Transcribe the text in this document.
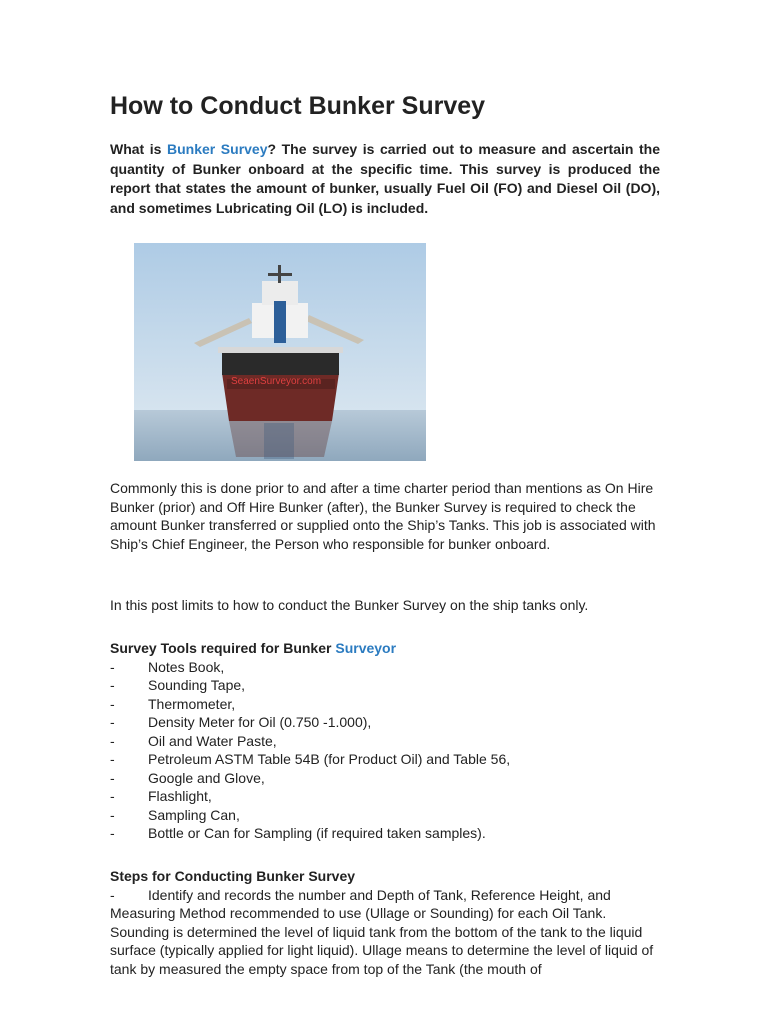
How to Conduct Bunker Survey

What is Bunker Survey? The survey is carried out to measure and ascertain the quantity of Bunker onboard at the specific time. This survey is produced the report that states the amount of bunker, usually Fuel Oil (FO) and Diesel Oil (DO), and sometimes Lubricating Oil (LO) is included.

SeaenSurveyor.com

Commonly this is done prior to and after a time charter period than mentions as On Hire Bunker (prior) and Off Hire Bunker (after), the Bunker Survey is required to check the amount Bunker transferred or supplied onto the Ship’s Tanks. This job is associated with Ship’s Chief Engineer, the Person who responsible for bunker onboard.

In this post limits to how to conduct the Bunker Survey on the ship tanks only.

Survey Tools required for Bunker Surveyor
-	Notes Book,
-	Sounding Tape,
-	Thermometer,
-	Density Meter for Oil (0.750 -1.000),
-	Oil and Water Paste,
-	Petroleum ASTM Table 54B (for Product Oil) and Table 56,
-	Google and Glove,
-	Flashlight,
-	Sampling Can,
-	Bottle or Can for Sampling (if required taken samples).
Steps for Conducting Bunker Survey
-	Identify and records the number and Depth of Tank, Reference Height, and
Measuring Method recommended to use (Ullage or Sounding) for each Oil Tank. Sounding is determined the level of liquid tank from the bottom of the tank to the liquid surface (typically applied for light liquid). Ullage means to determine the level of liquid of tank by measured the empty space from top of the Tank (the mouth of
